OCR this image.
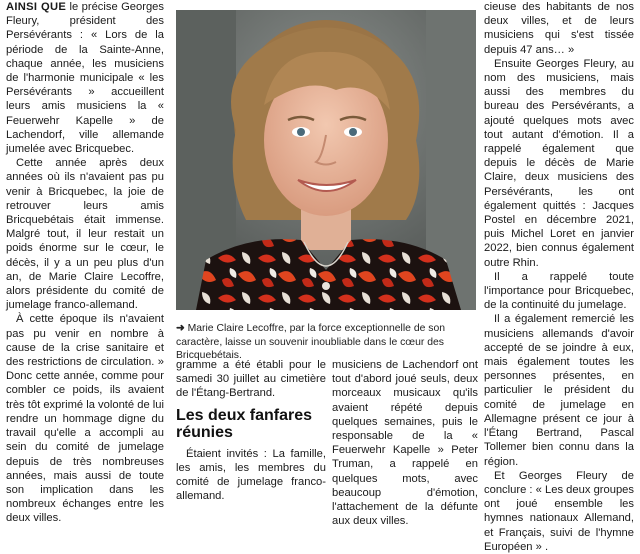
AINSI QUE le précise Georges Fleury, président des Persévérants : « Lors de la période de la Sainte-Anne, chaque année, les musiciens de l'harmonie municipale « les Persévérants » accueillent leurs amis musiciens la « Feuerwehr Kapelle » de Lachendorf, ville allemande jumelée avec Bricquebec.

Cette année après deux années où ils n'avaient pas pu venir à Bricquebec, la joie de retrouver leurs amis Bricquebétais était immense. Malgré tout, il leur restait un poids énorme sur le cœur, le décès, il y a un peu plus d'un an, de Marie Claire Lecoffre, alors présidente du comité de jumelage franco-allemand.

À cette époque ils n'avaient pas pu venir en nombre à cause de la crise sanitaire et des restrictions de circulation. » Donc cette année, comme pour combler ce poids, ils avaient très tôt exprimé la volonté de lui rendre un hommage digne du travail qu'elle a accompli au sein du comité de jumelage depuis de très nombreuses années, mais aussi de toute son implication dans les nombreux échanges entre les deux villes.

➜ Marie Claire Lecoffre, par la force exceptionnelle de son caractère, laisse un souvenir inoubliable dans le cœur des Bricquebétais.

gramme a été établi pour le samedi 30 juillet au cimetière de l'Étang-Bertrand.

Les deux fanfares réunies

Étaient invités : La famille, les amis, les membres du comité de jumelage franco-allemand.

musiciens de Lachendorf ont tout d'abord joué seuls, deux morceaux musicaux qu'ils avaient répété depuis quelques semaines, puis le responsable de la « Feuerwehr Kapelle » Peter Truman, a rappelé en quelques mots, avec beaucoup d'émotion, l'attachement de la défunte aux deux villes.

cieuse des habitants de nos deux villes, et de leurs musiciens qui s'est tissée depuis 47 ans… »

Ensuite Georges Fleury, au nom des musiciens, mais aussi des membres du bureau des Persévérants, a ajouté quelques mots avec tout autant d'émotion. Il a rappelé également que depuis le décès de Marie Claire, deux musiciens des Persévérants, les ont également quittés : Jacques Postel en décembre 2021, puis Michel Loret en janvier 2022, bien connus également outre Rhin.

Il a rappelé toute l'importance pour Bricquebec, de la continuité du jumelage.

Il a également remercié les musiciens allemands d'avoir accepté de se joindre à eux, mais également toutes les personnes présentes, en particulier le président du comité de jumelage en Allemagne présent ce jour à l'Étang Bertrand, Pascal Tollemer bien connu dans la région.

Et Georges Fleury de conclure : « Les deux groupes ont joué ensemble les hymnes nationaux Allemand, et Français, suivi de l'hymne Européen » .
